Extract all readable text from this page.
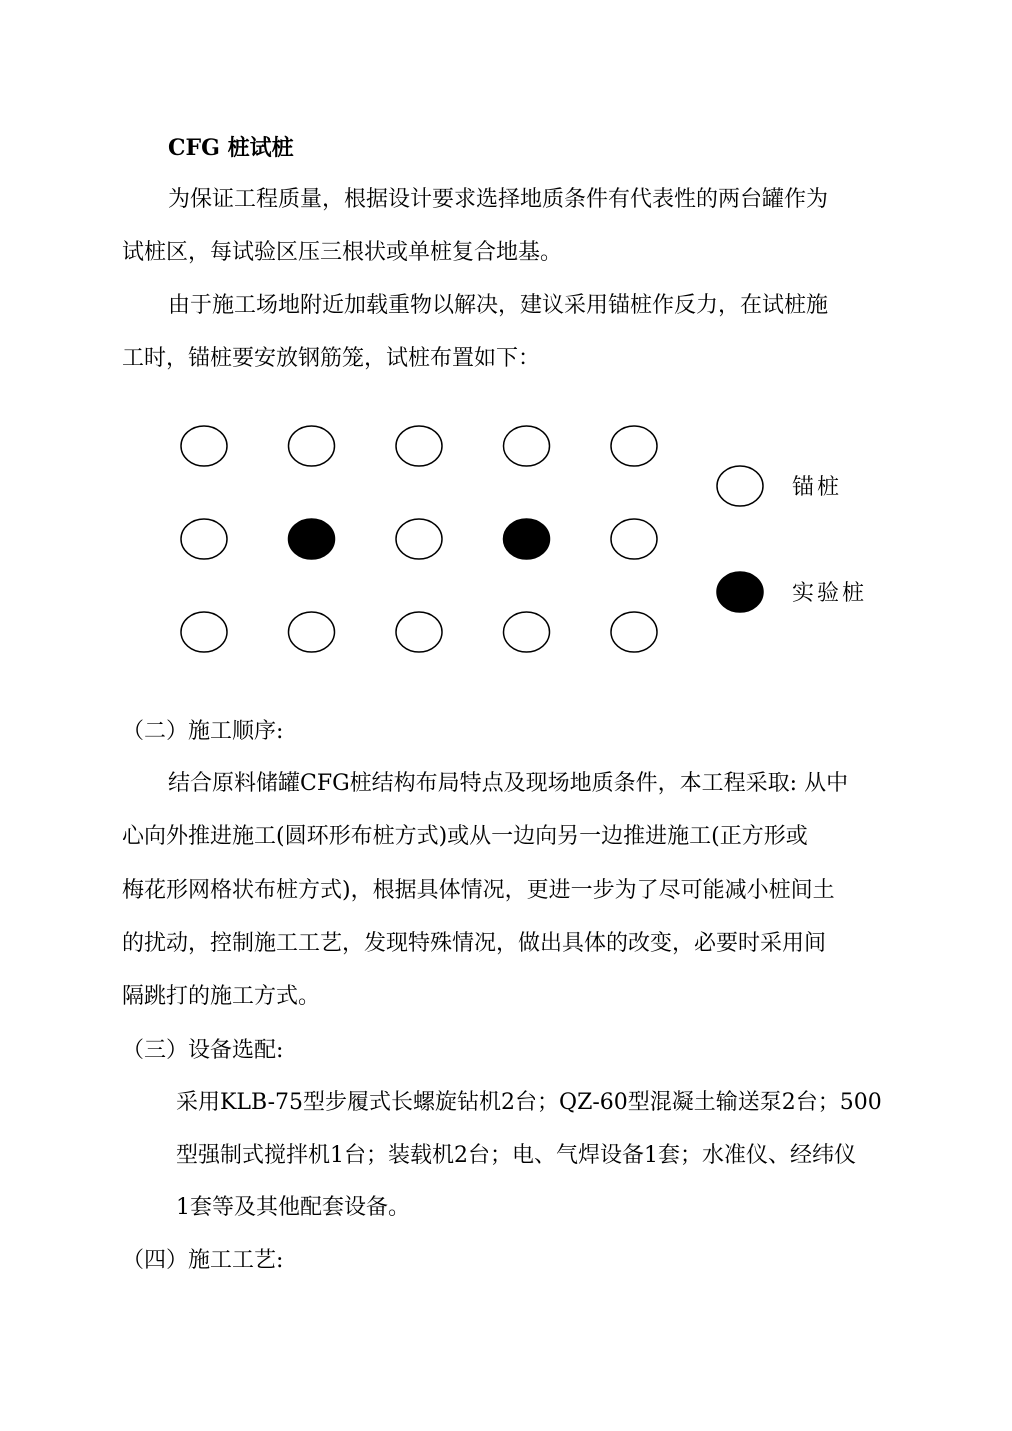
CFG 桩试桩
为保证工程质量，根据设计要求选择地质条件有代表性的两台罐作为
试桩区，每试验区压三根状或单桩复合地基。
由于施工场地附近加载重物以解决，建议采用锚桩作反力，在试桩施
工时，锚桩要安放钢筋笼，试桩布置如下：
锚桩
实验桩
（二）施工顺序:
结合原料储罐CFG桩结构布局特点及现场地质条件，本工程采取: 从中
心向外推进施工(圆环形布桩方式)或从一边向另一边推进施工(正方形或
梅花形网格状布桩方式)，根据具体情况，更进一步为了尽可能减小桩间土
的扰动，控制施工工艺，发现特殊情况，做出具体的改变，必要时采用间
隔跳打的施工方式。
（三）设备选配:
采用KLB-75型步履式长螺旋钻机2台；QZ-60型混凝土输送泵2台；500
型强制式搅拌机1台；装载机2台；电、气焊设备1套；水准仪、经纬仪
1套等及其他配套设备。
（四）施工工艺:
